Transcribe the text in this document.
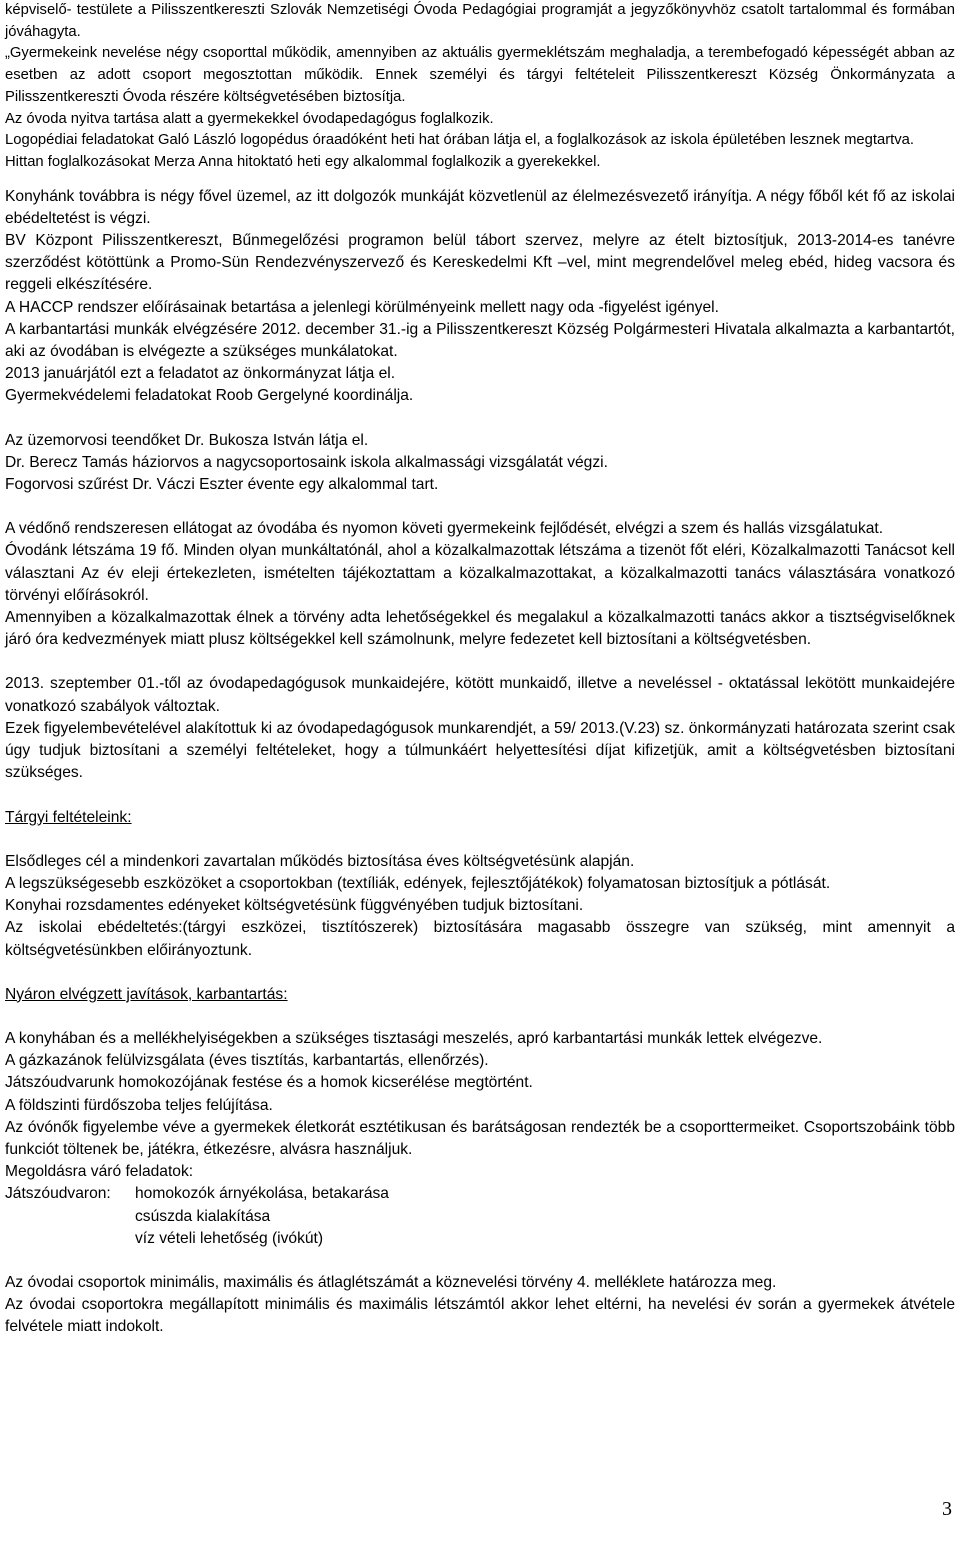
képviselő- testülete a Pilisszentkereszti Szlovák Nemzetiségi Óvoda Pedagógiai programját a jegyzőkönyvhöz csatolt tartalommal és formában jóváhagyta.

„Gyermekeink nevelése négy csoporttal működik, amennyiben az aktuális gyermeklétszám meghaladja, a terembefogadó képességét abban az esetben az adott csoport megosztottan működik. Ennek személyi és tárgyi feltételeit Pilisszentkereszt Község Önkormányzata a Pilisszentkereszti Óvoda részére költségvetésében biztosítja.

Az óvoda nyitva tartása alatt a gyermekekkel óvodapedagógus foglalkozik.

Logopédiai feladatokat Galó László logopédus óraadóként heti hat órában látja el, a foglalkozások az iskola épületében lesznek megtartva.

Hittan foglalkozásokat Merza Anna hitoktató heti egy alkalommal foglalkozik a gyerekekkel.

Konyhánk továbbra is négy fővel üzemel, az itt dolgozók munkáját közvetlenül az élelmezésvezető irányítja. A négy főből két fő az iskolai ebédeltetést is végzi.

BV Központ Pilisszentkereszt, Bűnmegelőzési programon belül tábort szervez, melyre az ételt biztosítjuk, 2013-2014-es tanévre szerződést kötöttünk a Promo-Sün Rendezvényszervező és Kereskedelmi Kft –vel, mint megrendelővel meleg ebéd, hideg vacsora és reggeli elkészítésére.

A HACCP rendszer előírásainak betartása a jelenlegi körülményeink mellett nagy oda -figyelést igényel.

A karbantartási munkák elvégzésére 2012. december 31.-ig a Pilisszentkereszt Község Polgármesteri Hivatala alkalmazta a karbantartót, aki az óvodában is elvégezte a szükséges munkálatokat.

2013 januárjától ezt a feladatot az önkormányzat látja el.

Gyermekvédelemi feladatokat Roob Gergelyné koordinálja.

Az üzemorvosi teendőket Dr. Bukosza István látja el.

Dr. Berecz Tamás háziorvos a nagycsoportosaink iskola alkalmassági vizsgálatát végzi.

Fogorvosi szűrést Dr. Váczi Eszter évente egy alkalommal tart.

A védőnő rendszeresen ellátogat az óvodába és nyomon követi gyermekeink fejlődését, elvégzi a szem és hallás vizsgálatukat.

Óvodánk létszáma 19 fő. Minden olyan munkáltatónál, ahol a közalkalmazottak létszáma a tizenöt főt eléri, Közalkalmazotti Tanácsot kell választani Az év eleji értekezleten, ismételten tájékoztattam a közalkalmazottakat, a közalkalmazotti tanács választására vonatkozó törvényi előírásokról.

Amennyiben a közalkalmazottak élnek a törvény adta lehetőségekkel és megalakul a közalkalmazotti tanács akkor a tisztségviselőknek járó óra kedvezmények miatt plusz költségekkel kell számolnunk, melyre fedezetet kell biztosítani a költségvetésben.

2013. szeptember 01.-től az óvodapedagógusok munkaidejére, kötött munkaidő, illetve a neveléssel - oktatással lekötött munkaidejére vonatkozó szabályok változtak.

Ezek figyelembevételével alakítottuk ki az óvodapedagógusok munkarendjét, a 59/ 2013.(V.23) sz. önkormányzati határozata szerint csak úgy tudjuk biztosítani a személyi feltételeket, hogy a túlmunkáért helyettesítési díjat kifizetjük, amit a költségvetésben biztosítani szükséges.

Tárgyi feltételeink:

Elsődleges cél a mindenkori zavartalan működés biztosítása éves költségvetésünk alapján.

A legszükségesebb eszközöket a csoportokban (textíliák, edények, fejlesztőjátékok) folyamatosan biztosítjuk a pótlását.

Konyhai rozsdamentes edényeket költségvetésünk függvényében tudjuk biztosítani.

Az iskolai ebédeltetés:(tárgyi eszközei, tisztítószerek) biztosítására magasabb összegre van szükség, mint amennyit a költségvetésünkben előirányoztunk.

Nyáron elvégzett javítások, karbantartás:

A konyhában és a mellékhelyiségekben a szükséges tisztasági meszelés, apró karbantartási munkák lettek elvégezve.

A gázkazánok felülvizsgálata (éves tisztítás, karbantartás, ellenőrzés).

Játszóudvarunk homokozójának festése és a homok kicserélése megtörtént.

A földszinti fürdőszoba teljes felújítása.

Az óvónők figyelembe véve a gyermekek életkorát esztétikusan és barátságosan rendezték be a csoporttermeiket. Csoportszobáink több funkciót töltenek be, játékra, étkezésre, alvásra használjuk.

Megoldásra váró feladatok:

Játszóudvaron:	homokozók árnyékolása, betakarása

csúszda kialakítása

víz vételi lehetőség (ivókút)

Az óvodai csoportok minimális, maximális és átlaglétszámát a köznevelési törvény 4. melléklete határozza meg.

Az óvodai csoportokra megállapított minimális és maximális létszámtól akkor lehet eltérni, ha nevelési év során a gyermekek átvétele felvétele miatt indokolt.

3
